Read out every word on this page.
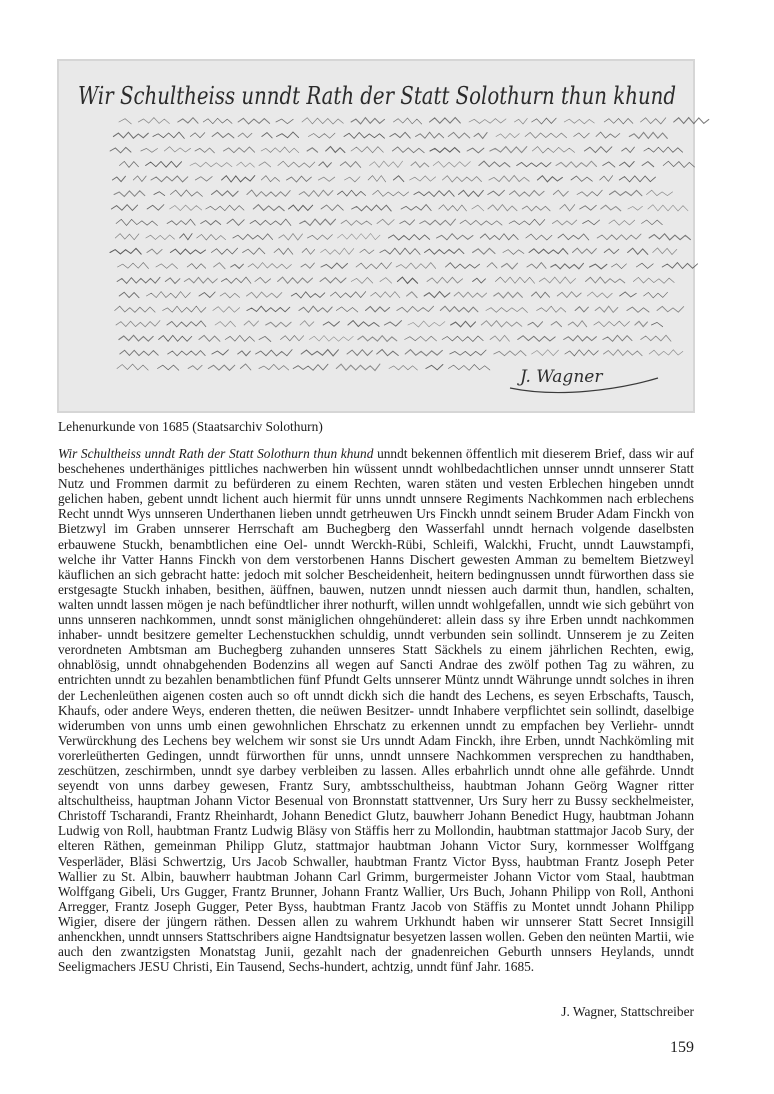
Wir Schultheiss unndt Rath der Statt Solothurn thun khund
J. Wagner
Lehenurkunde von 1685 (Staatsarchiv Solothurn)

Wir Schultheiss unndt Rath der Statt Solothurn thun khund unndt bekennen öffentlich mit dieserem Brief, dass wir auf beschehenes underthäniges pittliches nachwerben hin wüssent unndt wohlbedachtlichen unnser unndt unnserer Statt Nutz und Frommen darmit zu befürderen zu einem Rechten, waren stäten und vesten Erblechen hingeben unndt gelichen haben, gebent unndt lichent auch hiermit für unns unndt unnsere Regiments Nachkommen nach erblechens Recht unndt Wys unnseren Underthanen lieben unndt getrheuwen Urs Finckh unndt seinem Bruder Adam Finckh von Bietzwyl im Graben unnserer Herrschaft am Buchegberg den Wasserfahl unndt hernach volgende daselbsten erbauwene Stuckh, benambtlichen eine Oel- unndt Werckh-Rübi, Schleifi, Walckhi, Frucht, unndt Lauwstampfi, welche ihr Vatter Hanns Finckh von dem verstorbenen Hanns Dischert gewesten Amman zu bemeltem Bietzweyl käuflichen an sich gebracht hatte: jedoch mit solcher Bescheidenheit, heitern bedingnussen unndt fürworthen dass sie erstgesagte Stuckh inhaben, besithen, äüffnen, bauwen, nutzen unndt niessen auch darmit thun, handlen, schalten, walten unndt lassen mögen je nach befündtlicher ihrer nothurft, willen unndt wohlgefallen, unndt wie sich gebührt von unns unnseren nachkommen, unndt sonst mäniglichen ohngehünderet: allein dass sy ihre Erben unndt nachkommen inhaber- unndt besitzere gemelter Lechenstuckhen schuldig, unndt verbunden sein sollindt. Unnserem je zu Zeiten verordneten Ambtsman am Buchegberg zuhanden unnseres Statt Säckhels zu einem jährlichen Rechten, ewig, ohnablösig, unndt ohnabgehenden Bodenzins all wegen auf Sancti Andrae des zwölf pothen Tag zu währen, zu entrichten unndt zu bezahlen benambtlichen fünf Pfundt Gelts unnserer Müntz unndt Währunge unndt solches in ihren der Lechenleüthen aigenen costen auch so oft unndt dickh sich die handt des Lechens, es seyen Erbschafts, Tausch, Khaufs, oder andere Weys, enderen thetten, die neüwen Besitzer- unndt Inhabere verpflichtet sein sollindt, daselbige widerumben von unns umb einen gewohnlichen Ehrschatz zu erkennen unndt zu empfachen bey Verliehr- unndt Verwürckhung des Lechens bey welchem wir sonst sie Urs unndt Adam Finckh, ihre Erben, unndt Nachkömling mit vorerleütherten Gedingen, unndt fürworthen für unns, unndt unnsere Nachkommen versprechen zu handthaben, zeschützen, zeschirmben, unndt sye darbey verbleiben zu lassen. Alles erbahrlich unndt ohne alle gefährde. Unndt seyendt von unns darbey gewesen, Frantz Sury, ambtsschultheiss, haubtman Johann Geörg Wagner ritter altschultheiss, hauptman Johann Victor Besenual von Bronnstatt stattvenner, Urs Sury herr zu Bussy seckhelmeister, Christoff Tscharandi, Frantz Rheinhardt, Johann Benedict Glutz, bauwherr Johann Benedict Hugy, haubtman Johann Ludwig von Roll, haubtman Frantz Ludwig Bläsy von Stäffis herr zu Mollondin, haubtman stattmajor Jacob Sury, der elteren Räthen, gemeinman Philipp Glutz, stattmajor haubtman Johann Victor Sury, kornmesser Wolffgang Vesperläder, Bläsi Schwertzig, Urs Jacob Schwaller, haubtman Frantz Victor Byss, haubtman Frantz Joseph Peter Wallier zu St. Albin, bauwherr haubtman Johann Carl Grimm, burgermeister Johann Victor vom Staal, haubtman Wolffgang Gibeli, Urs Gugger, Frantz Brunner, Johann Frantz Wallier, Urs Buch, Johann Philipp von Roll, Anthoni Arregger, Frantz Joseph Gugger, Peter Byss, haubtman Frantz Jacob von Stäffis zu Montet unndt Johann Philipp Wigier, disere der jüngern räthen. Dessen allen zu wahrem Urkhundt haben wir unnserer Statt Secret Innsigill anhenckhen, unndt unnsers Stattschribers aigne Handtsignatur besyetzen lassen wollen. Geben den neünten Martii, wie auch den zwantzigsten Monatstag Junii, gezahlt nach der gnadenreichen Geburth unnsers Heylands, unndt Seeligmachers JESU Christi, Ein Tausend, Sechs-hundert, achtzig, unndt fünf Jahr. 1685.

J. Wagner, Stattschreiber
159
